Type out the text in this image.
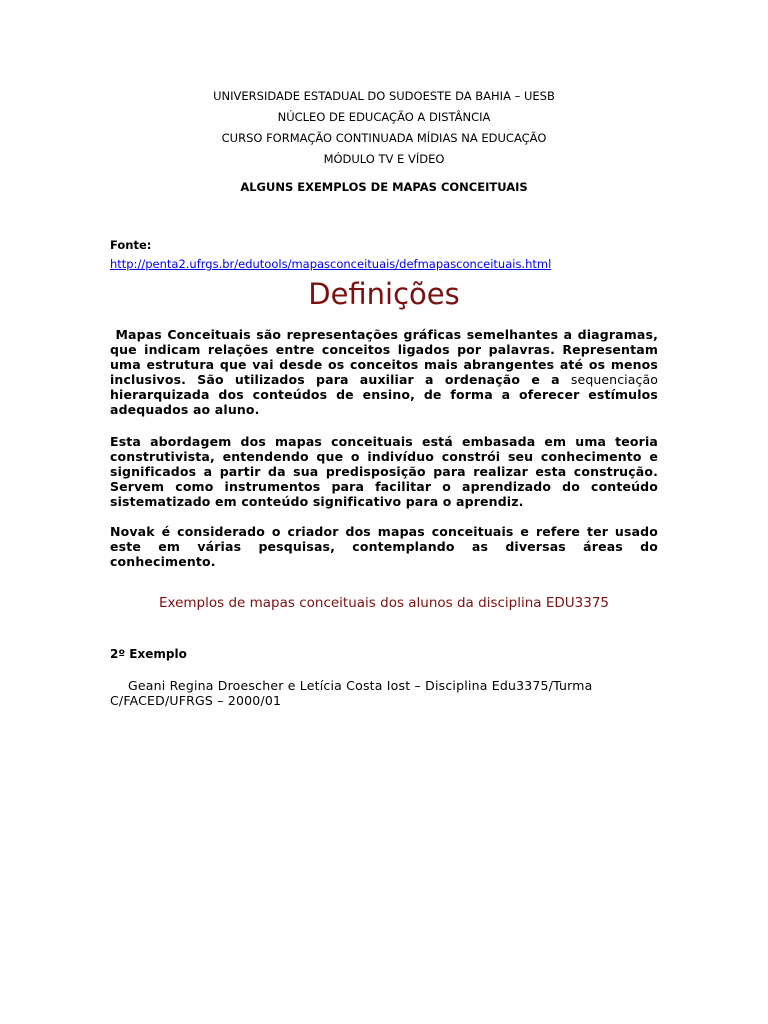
UNIVERSIDADE ESTADUAL DO SUDOESTE DA BAHIA – UESB
NÚCLEO DE EDUCAÇÃO A DISTÂNCIA
CURSO FORMAÇÃO CONTINUADA MÍDIAS NA EDUCAÇÃO
MÓDULO TV E VÍDEO
ALGUNS EXEMPLOS DE MAPAS CONCEITUAIS
Fonte:
http://penta2.ufrgs.br/edutools/mapasconceituais/defmapasconceituais.html
Definições
Mapas Conceituais são representações gráficas semelhantes a diagramas, que indicam relações entre conceitos ligados por palavras. Representam uma estrutura que vai desde os conceitos mais abrangentes até os menos inclusivos. São utilizados para auxiliar a ordenação e a sequenciação hierarquizada dos conteúdos de ensino, de forma a oferecer estímulos adequados ao aluno.
Esta abordagem dos mapas conceituais está embasada em uma teoria construtivista, entendendo que o indivíduo constrói seu conhecimento e significados a partir da sua predisposição para realizar esta construção. Servem como instrumentos para facilitar o aprendizado do conteúdo sistematizado em conteúdo significativo para o aprendiz.
Novak é considerado o criador dos mapas conceituais e refere ter usado este em várias pesquisas, contemplando as diversas áreas do conhecimento.
Exemplos de mapas conceituais dos alunos da disciplina EDU3375
2º Exemplo
Geani Regina Droescher e Letícia Costa Iost – Disciplina Edu3375/Turma C/FACED/UFRGS – 2000/01
